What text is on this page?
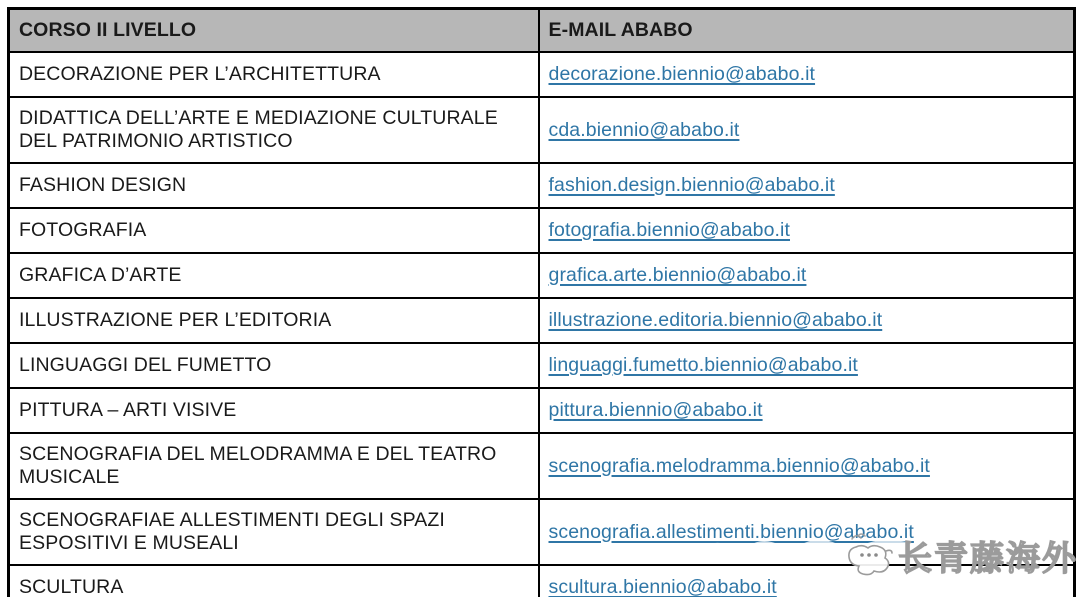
CORSO II LIVELLO	E-MAIL ABABO
DECORAZIONE PER L’ARCHITETTURA	decorazione.biennio@ababo.it
DIDATTICA DELL’ARTE E MEDIAZIONE CULTURALE DEL PATRIMONIO ARTISTICO	cda.biennio@ababo.it
FASHION DESIGN	fashion.design.biennio@ababo.it
FOTOGRAFIA	fotografia.biennio@ababo.it
GRAFICA D’ARTE	grafica.arte.biennio@ababo.it
ILLUSTRAZIONE PER L’EDITORIA	illustrazione.editoria.biennio@ababo.it
LINGUAGGI DEL FUMETTO	linguaggi.fumetto.biennio@ababo.it
PITTURA – ARTI VISIVE	pittura.biennio@ababo.it
SCENOGRAFIA DEL MELODRAMMA E DEL TEATRO MUSICALE	scenografia.melodramma.biennio@ababo.it
SCENOGRAFIAE ALLESTIMENTI DEGLI SPAZI ESPOSITIVI E MUSEALI	scenografia.allestimenti.biennio@ababo.it
SCULTURA	scultura.biennio@ababo.it
长青藤海外
